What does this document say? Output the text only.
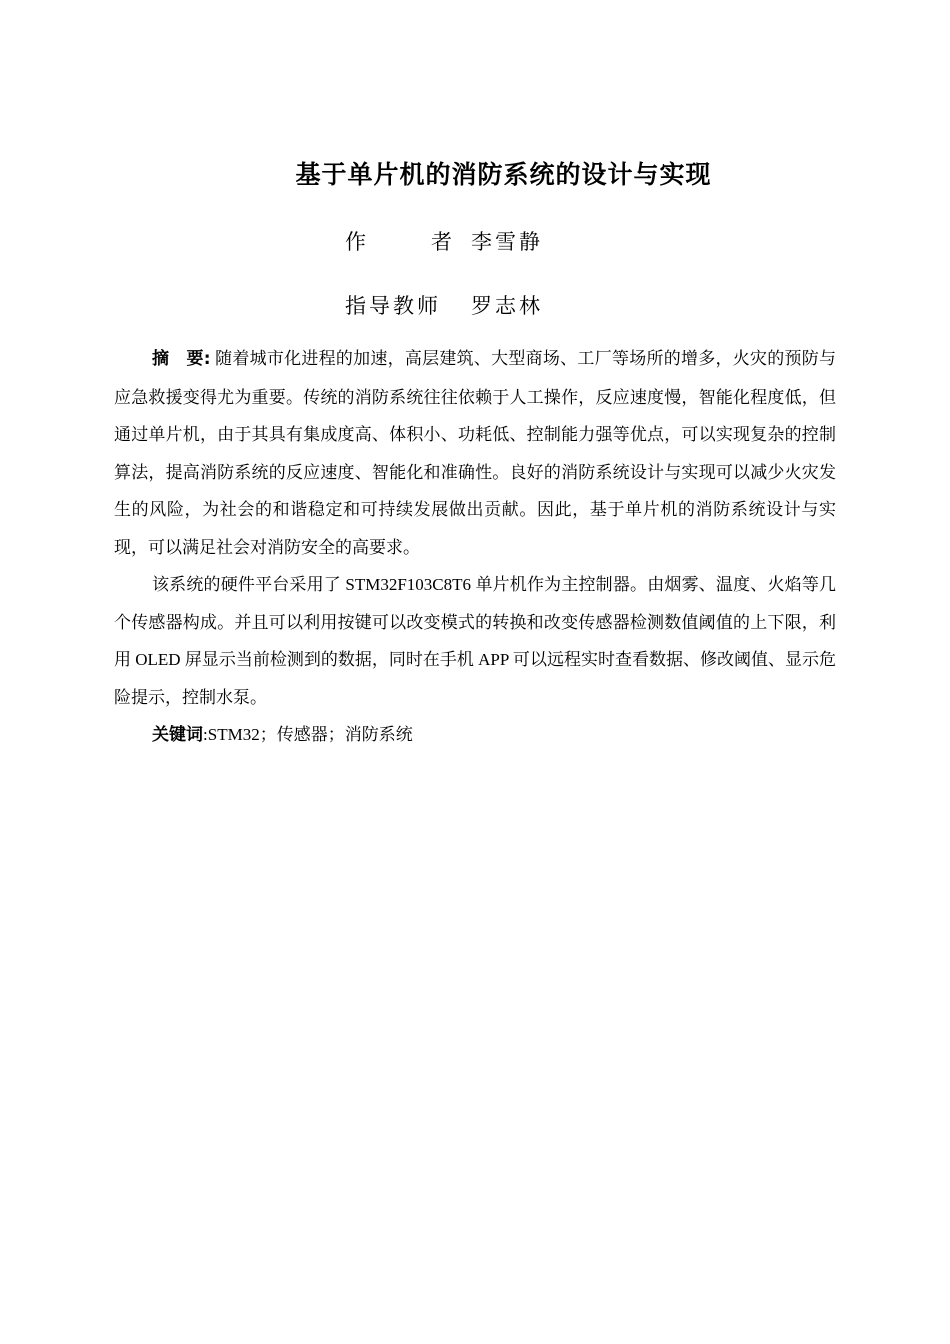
基于单片机的消防系统的设计与实现
作	者 李雪静
指导教师 罗志林

摘　要: 随着城市化进程的加速，高层建筑、大型商场、工厂等场所的增多，火灾的预防与应急救援变得尤为重要。传统的消防系统往往依赖于人工操作，反应速度慢，智能化程度低，但通过单片机，由于其具有集成度高、体积小、功耗低、控制能力强等优点，可以实现复杂的控制算法，提高消防系统的反应速度、智能化和准确性。良好的消防系统设计与实现可以减少火灾发生的风险，为社会的和谐稳定和可持续发展做出贡献。因此，基于单片机的消防系统设计与实现，可以满足社会对消防安全的高要求。

该系统的硬件平台采用了 STM32F103C8T6 单片机作为主控制器。由烟雾、温度、火焰等几个传感器构成。并且可以利用按键可以改变模式的转换和改变传感器检测数值阈值的上下限，利用 OLED 屏显示当前检测到的数据，同时在手机 APP 可以远程实时查看数据、修改阈值、显示危险提示，控制水泵。

关键词:STM32；传感器；消防系统
